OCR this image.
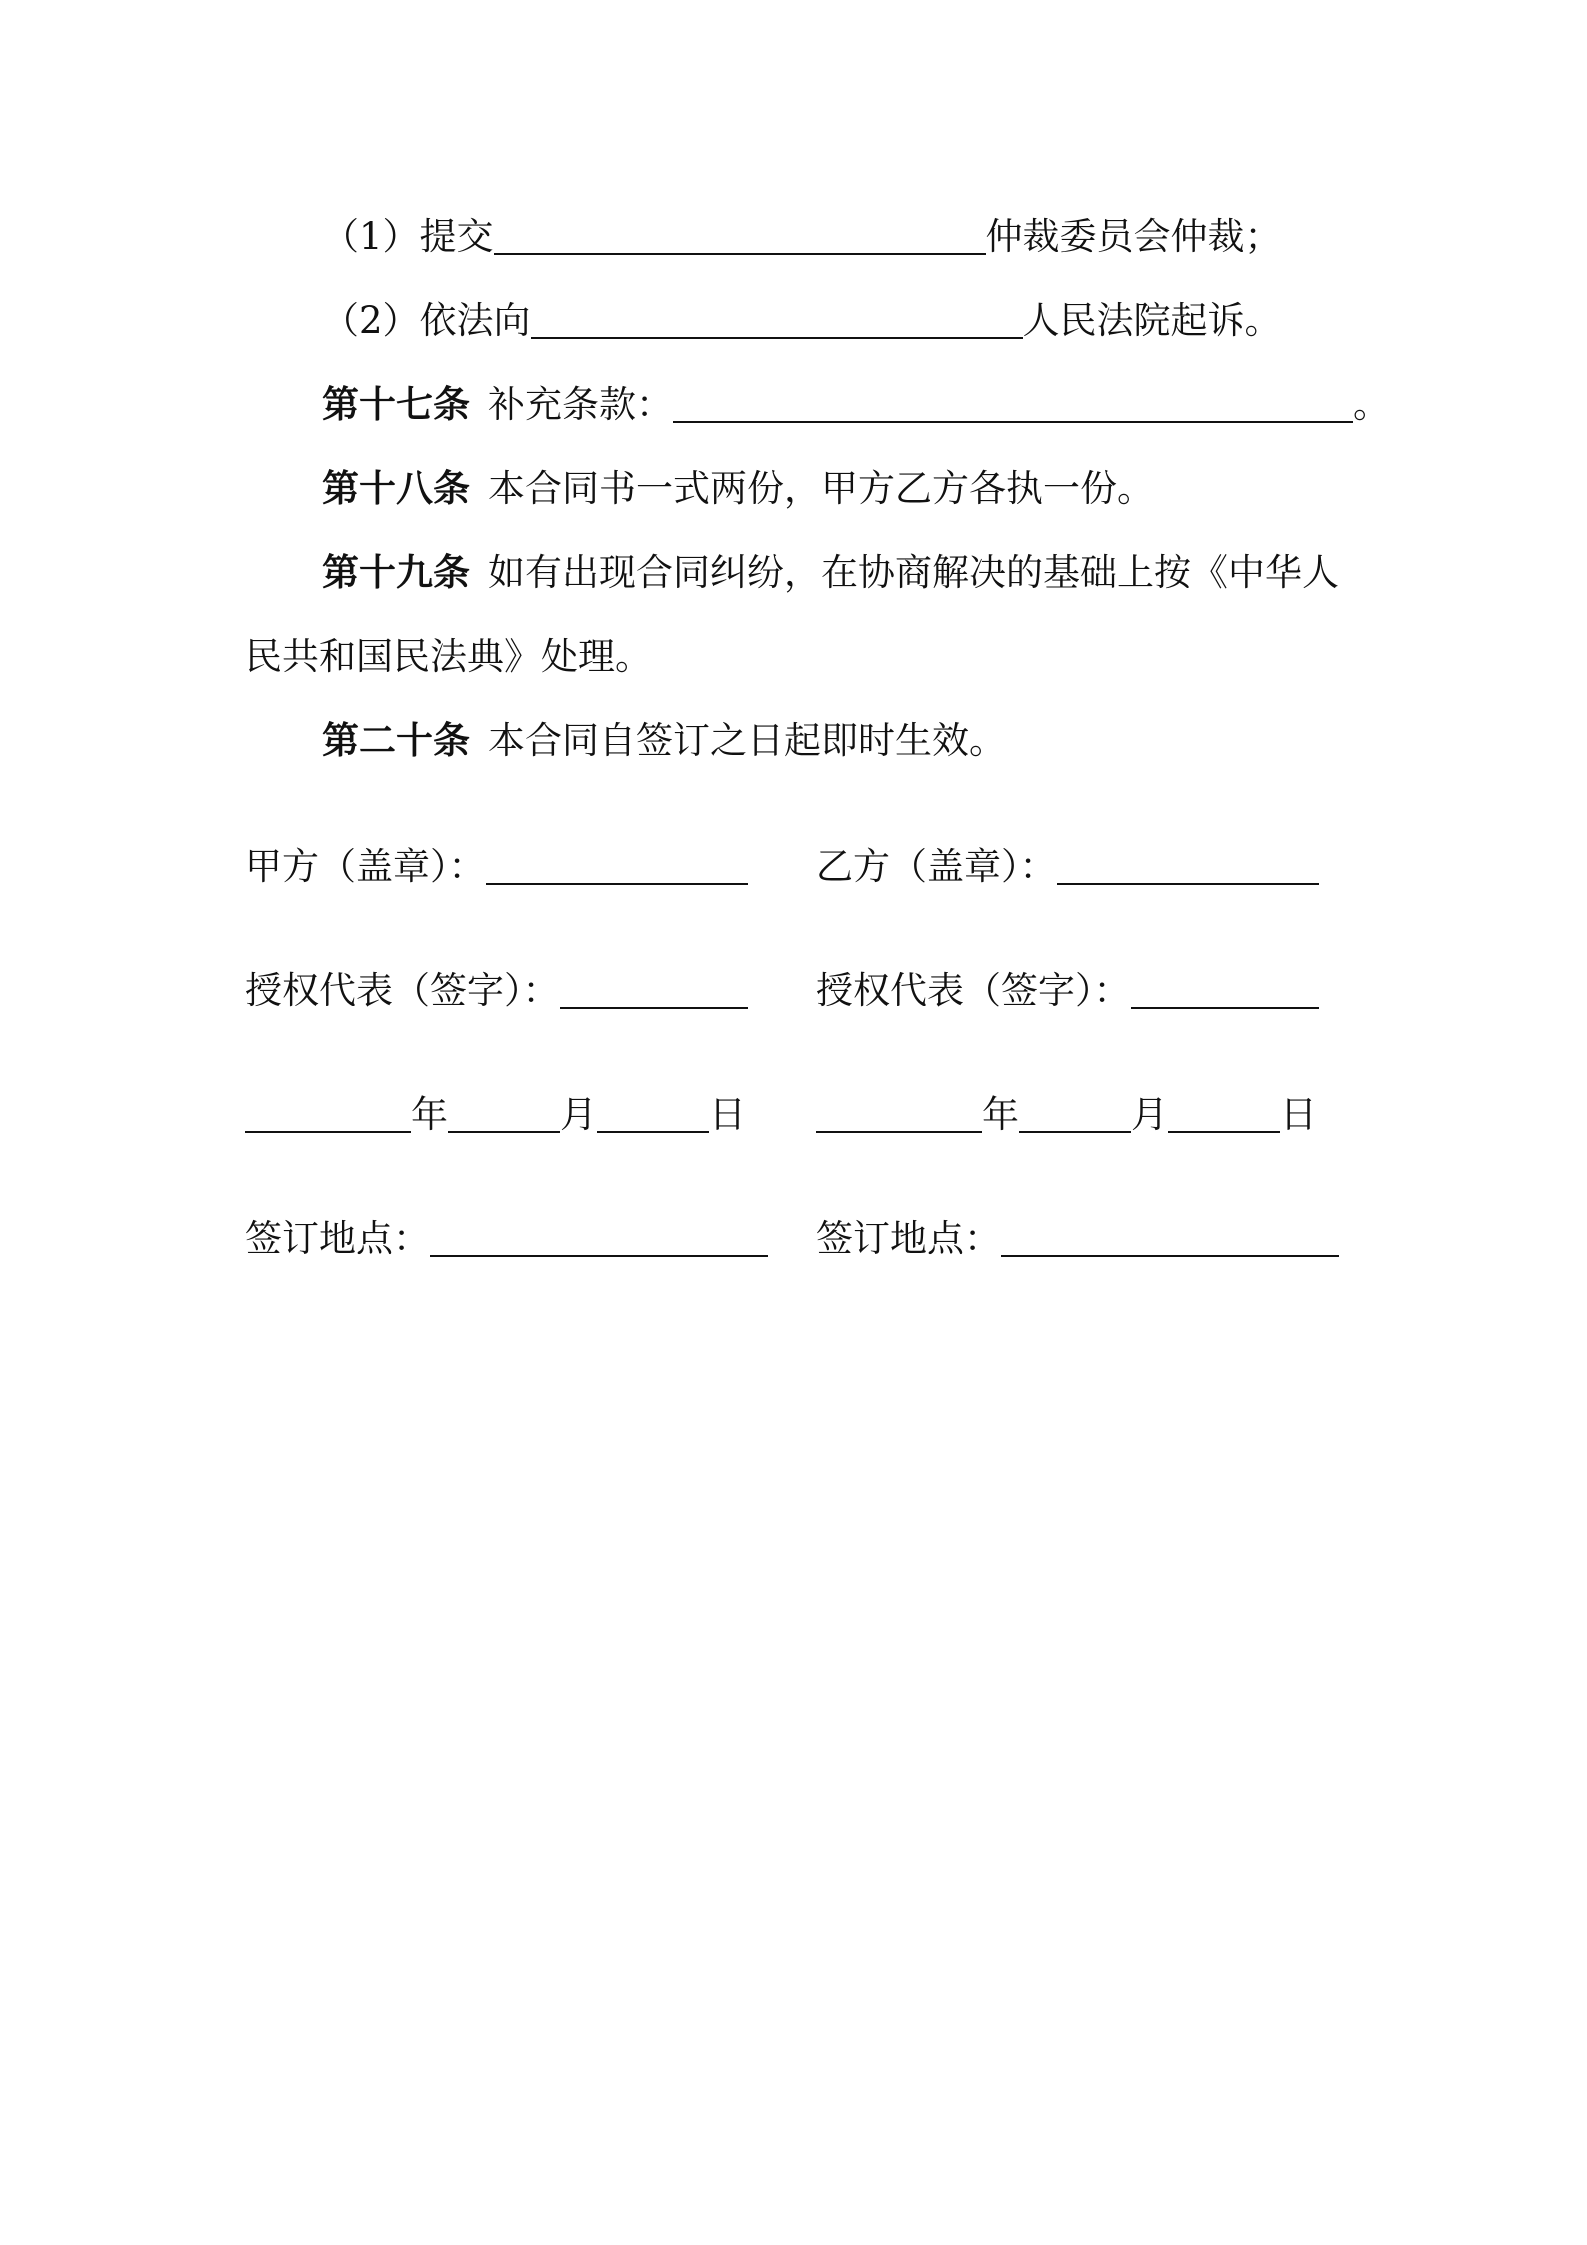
（1）提交	仲裁委员会仲裁；
（2）依法向	人民法院起诉。
第十七条 补充条款：	。
第十八条 本合同书一式两份，甲方乙方各执一份。
第十九条 如有出现合同纠纷，在协商解决的基础上按《中华人
民共和国民法典》处理。
第二十条 本合同自签订之日起即时生效。
甲方（盖章）：	乙方（盖章）：
授权代表（签字）：	授权代表（签字）：
年	月	日	年	月	日
签订地点：	签订地点：
